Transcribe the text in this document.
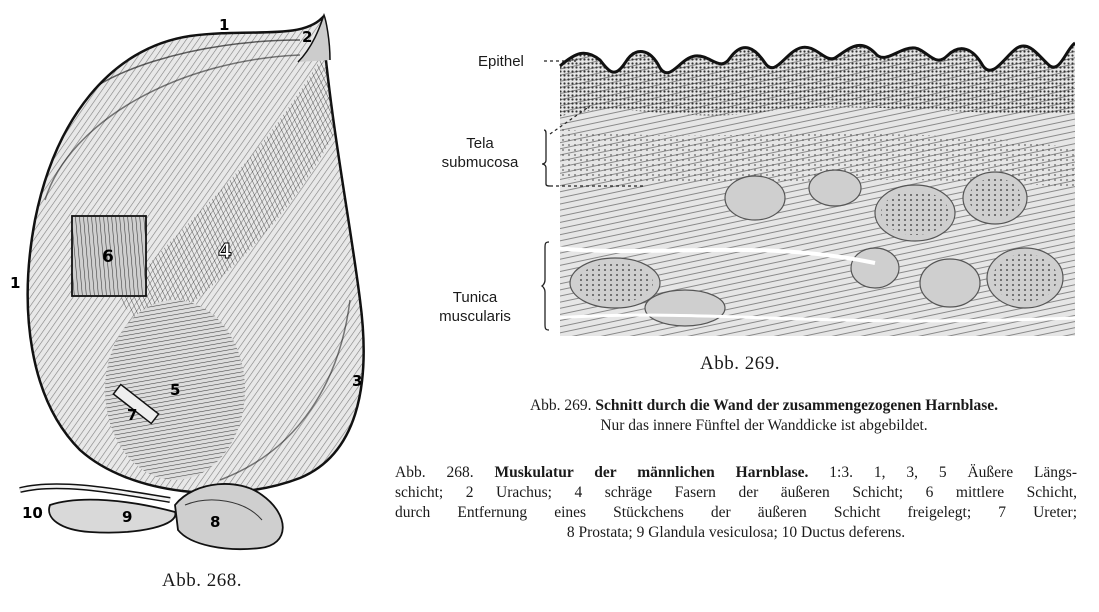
1
2
1
6	4
3
5
7
10	9	8
Abb. 268.
Epithel
Tela
submucosa
Tunica
muscularis
Abb. 269.
Abb. 269. Schnitt durch die Wand der zusammengezogenen Harnblase.
Nur das innere Fünftel der Wanddicke ist abgebildet.
Abb. 268. Muskulatur der männlichen Harnblase. 1:3. 1, 3, 5 Äußere Längs-
schicht; 2 Urachus; 4 schräge Fasern der äußeren Schicht; 6 mittlere Schicht,
durch Entfernung eines Stückchens der äußeren Schicht freigelegt; 7 Ureter;
8 Prostata; 9 Glandula vesiculosa; 10 Ductus deferens.
